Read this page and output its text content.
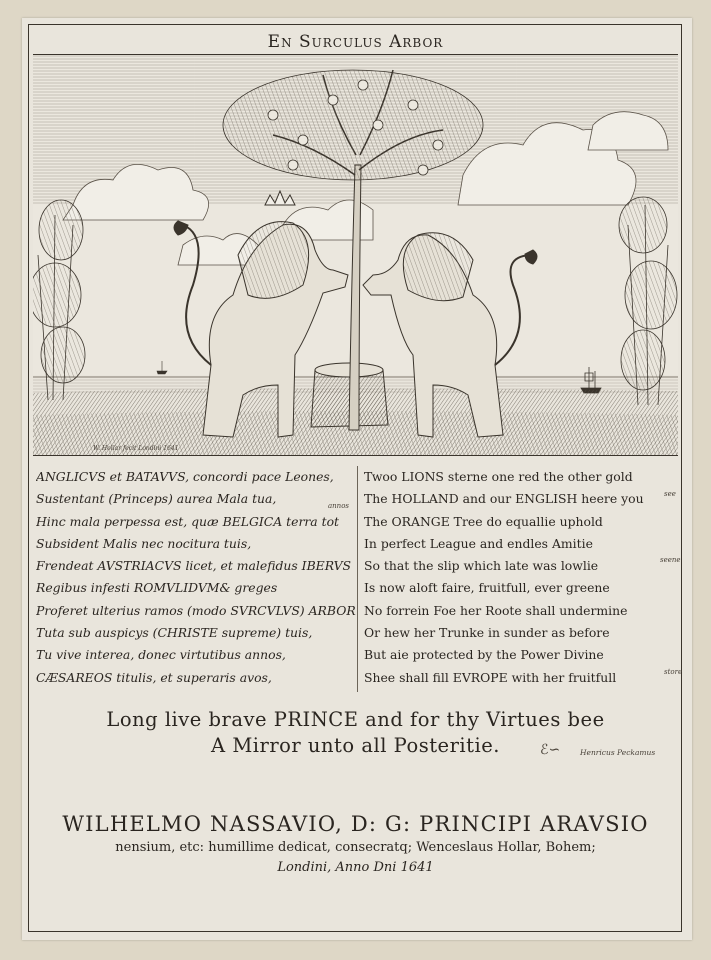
En Surculus Arbor
W. Hollar fecit Londini 1641
ANGLICVS et BATAVVS, concordi pace Leones,
Sustentant (Princeps) aurea Mala tua,
Hinc mala perpessa est, quæ BELGICA terra tot
Subsident Malis nec nocitura tuis,
Frendeat AVSTRIACVS licet, et malefidus IBERVS
Regibus infesti ROMVLIDVM& greges
Proferet ulterius ramos (modo SVRCVLVS) ARBOR
Tuta sub auspicys (CHRISTE supreme) tuis,
Tu vive interea, donec virtutibus annos,
CÆSAREOS titulis, et superaris avos,
annos
Twoo LIONS sterne one red the other gold
The HOLLAND and our ENGLISH heere you
The ORANGE Tree do equallie uphold
In perfect League and endles Amitie
So that the slip which late was lowlie
Is now aloft faire, fruitfull, ever greene
No forrein Foe her Roote shall undermine
Or hew her Trunke in sunder as before
But aie protected by the Power Divine
Shee shall fill EVROPE with her fruitfull
see
seene
store
Long live brave PRINCE and for thy Virtues bee
A Mirror unto all Posteritie.	ℰ∽	Henricus Peckamus
WILHELMO NASSAVIO, D: G: PRINCIPI ARAVSIO
nensium, etc: humillime dedicat, consecratq; Wenceslaus Hollar, Bohem;
Londini, Anno Dni 1641
